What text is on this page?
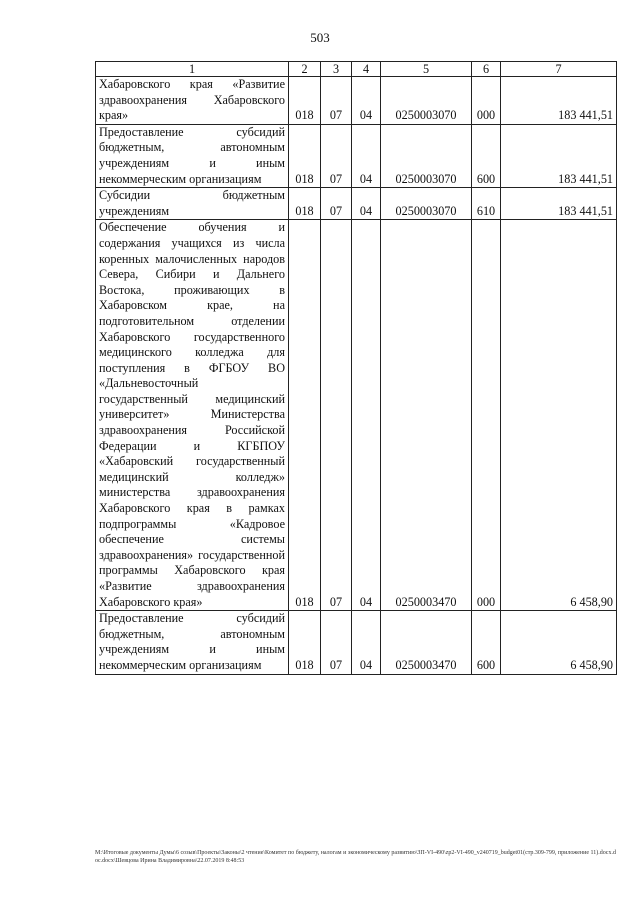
503
1	2	3	4	5	6	7
Хабаровского края «Развитие здравоохранения Хабаровского края»	018	07	04	0250003070	000	183 441,51
Предоставление субсидий бюджетным, автономным учреждениям и иным некоммерческим организациям	018	07	04	0250003070	600	183 441,51
Субсидии бюджетным учреждениям	018	07	04	0250003070	610	183 441,51
Обеспечение обучения и содержания учащихся из числа коренных малочисленных народов Севера, Сибири и Дальнего Востока, проживающих в Хабаровском крае, на подготовительном отделении Хабаровского государственного медицинского колледжа для поступления в ФГБОУ ВО «Дальневосточный государственный медицинский университет» Министерства здравоохранения Российской Федерации и КГБПОУ «Хабаровский государственный медицинский колледж» министерства здравоохранения Хабаровского края в рамках подпрограммы «Кадровое обеспечение системы здравоохранения» государственной программы Хабаровского края «Развитие здравоохранения Хабаровского края»	018	07	04	0250003470	000	6 458,90
Предоставление субсидий бюджетным, автономным учреждениям и иным некоммерческим организациям	018	07	04	0250003470	600	6 458,90
M:\Итоговые документы Думы\6 созыв\Проекты\Законы\2 чтение\Комитет по бюджету, налогам и экономическому развитию\ЗП-VI-490\zp2-VI-490_v240719_budget01(стр.309-799, приложение 11).docx.doc.docx\Шевцова Ирина Владимировна\22.07.2019 8:48:53
